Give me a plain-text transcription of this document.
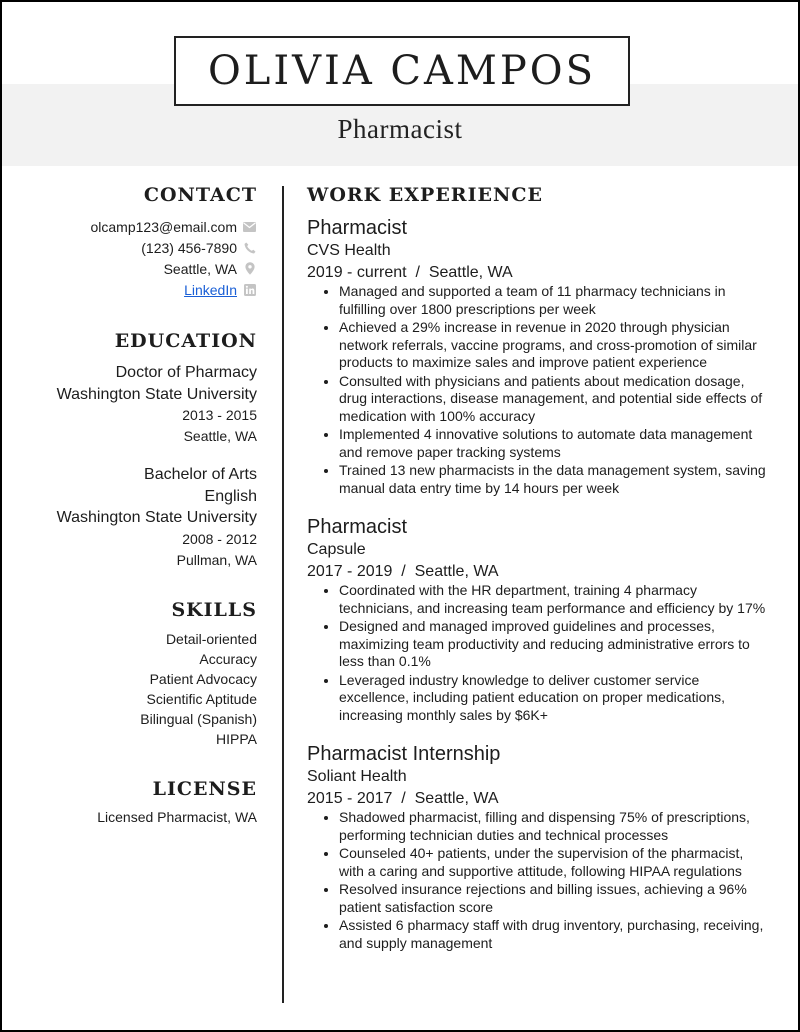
OLIVIA CAMPOS
Pharmacist
CONTACT
olcamp123@email.com
(123) 456-7890
Seattle, WA
LinkedIn
EDUCATION
Doctor of Pharmacy
Washington State University
2013 - 2015
Seattle, WA
Bachelor of Arts
English
Washington State University
2008 - 2012
Pullman, WA
SKILLS
Detail-oriented
Accuracy
Patient Advocacy
Scientific Aptitude
Bilingual (Spanish)
HIPPA
LICENSE
Licensed Pharmacist, WA
WORK EXPERIENCE
Pharmacist
CVS Health
2019 - current  /  Seattle, WA
• Managed and supported a team of 11 pharmacy technicians in fulfilling over 1800 prescriptions per week
• Achieved a 29% increase in revenue in 2020 through physician network referrals, vaccine programs, and cross-promotion of similar products to maximize sales and improve patient experience
• Consulted with physicians and patients about medication dosage, drug interactions, disease management, and potential side effects of medication with 100% accuracy
• Implemented 4 innovative solutions to automate data management and remove paper tracking systems
• Trained 13 new pharmacists in the data management system, saving manual data entry time by 14 hours per week
Pharmacist
Capsule
2017 - 2019  /  Seattle, WA
• Coordinated with the HR department, training 4 pharmacy technicians, and increasing team performance and efficiency by 17%
• Designed and managed improved guidelines and processes, maximizing team productivity and reducing administrative errors to less than 0.1%
• Leveraged industry knowledge to deliver customer service excellence, including patient education on proper medications, increasing monthly sales by $6K+
Pharmacist Internship
Soliant Health
2015 - 2017  /  Seattle, WA
• Shadowed pharmacist, filling and dispensing 75% of prescriptions, performing technician duties and technical processes
• Counseled 40+ patients, under the supervision of the pharmacist, with a caring and supportive attitude, following HIPAA regulations
• Resolved insurance rejections and billing issues, achieving a 96% patient satisfaction score
• Assisted 6 pharmacy staff with drug inventory, purchasing, receiving, and supply management
